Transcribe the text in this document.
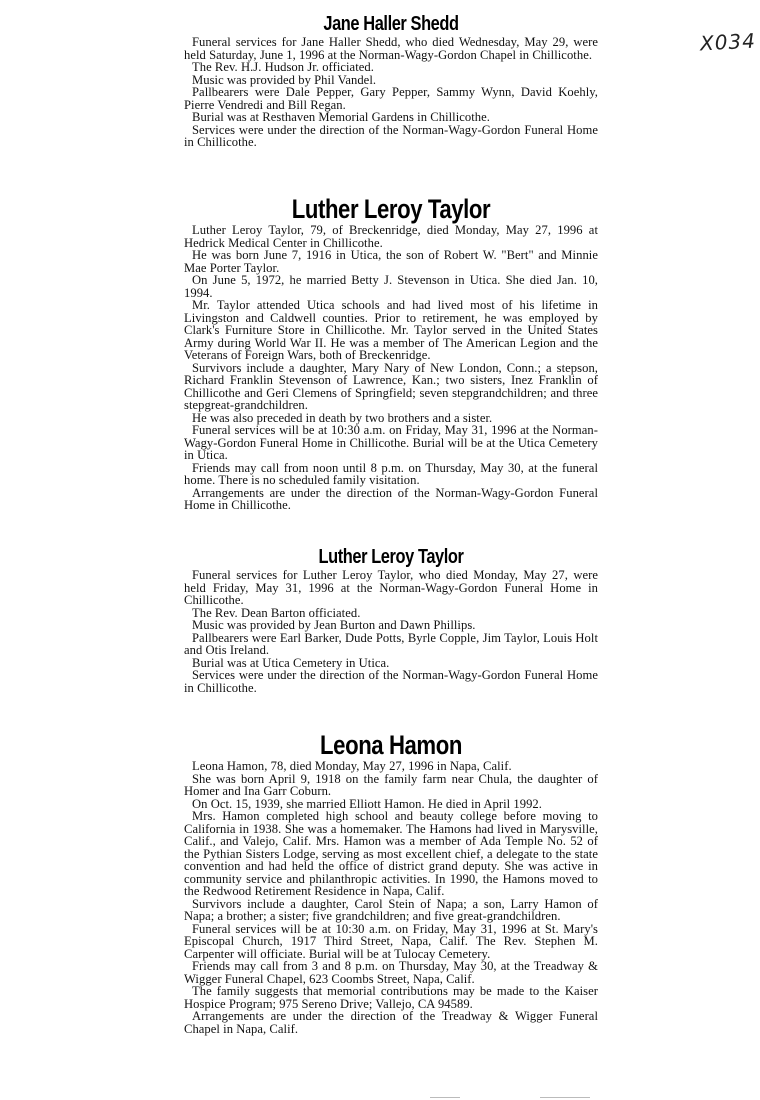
X034
Jane Haller Shedd

Funeral services for Jane Haller Shedd, who died Wednesday, May 29, were held Saturday, June 1, 1996 at the Norman-Wagy-Gordon Chapel in Chillicothe.

The Rev. H.J. Hudson Jr. officiated.

Music was provided by Phil Vandel.

Pallbearers were Dale Pepper, Gary Pepper, Sammy Wynn, David Koehly, Pierre Vendredi and Bill Regan.

Burial was at Resthaven Memorial Gardens in Chillicothe.

Services were under the direction of the Norman-Wagy-Gordon Funeral Home in Chillicothe.

Luther Leroy Taylor

Luther Leroy Taylor, 79, of Breckenridge, died Monday, May 27, 1996 at Hedrick Medical Center in Chillicothe.

He was born June 7, 1916 in Utica, the son of Robert W. "Bert" and Minnie Mae Porter Taylor.

On June 5, 1972, he married Betty J. Stevenson in Utica. She died Jan. 10, 1994.

Mr. Taylor attended Utica schools and had lived most of his lifetime in Livingston and Caldwell counties. Prior to retirement, he was employed by Clark's Furniture Store in Chillicothe. Mr. Taylor served in the United States Army during World War II. He was a member of The American Legion and the Veterans of Foreign Wars, both of Breckenridge.

Survivors include a daughter, Mary Nary of New London, Conn.; a stepson, Richard Franklin Stevenson of Lawrence, Kan.; two sisters, Inez Franklin of Chillicothe and Geri Clemens of Springfield; seven stepgrandchildren; and three stepgreat-grandchildren.

He was also preceded in death by two brothers and a sister.

Funeral services will be at 10:30 a.m. on Friday, May 31, 1996 at the Norman-Wagy-Gordon Funeral Home in Chillicothe. Burial will be at the Utica Cemetery in Utica.

Friends may call from noon until 8 p.m. on Thursday, May 30, at the funeral home. There is no scheduled family visitation.

Arrangements are under the direction of the Norman-Wagy-Gordon Funeral Home in Chillicothe.

Luther Leroy Taylor

Funeral services for Luther Leroy Taylor, who died Monday, May 27, were held Friday, May 31, 1996 at the Norman-Wagy-Gordon Funeral Home in Chillicothe.

The Rev. Dean Barton officiated.

Music was provided by Jean Burton and Dawn Phillips.

Pallbearers were Earl Barker, Dude Potts, Byrle Copple, Jim Taylor, Louis Holt and Otis Ireland.

Burial was at Utica Cemetery in Utica.

Services were under the direction of the Norman-Wagy-Gordon Funeral Home in Chillicothe.

Leona Hamon

Leona Hamon, 78, died Monday, May 27, 1996 in Napa, Calif.

She was born April 9, 1918 on the family farm near Chula, the daughter of Homer and Ina Garr Coburn.

On Oct. 15, 1939, she married Elliott Hamon. He died in April 1992.

Mrs. Hamon completed high school and beauty college before moving to California in 1938. She was a homemaker. The Hamons had lived in Marysville, Calif., and Valejo, Calif. Mrs. Hamon was a member of Ada Temple No. 52 of the Pythian Sisters Lodge, serving as most excellent chief, a delegate to the state convention and had held the office of district grand deputy. She was active in community service and philanthropic activities. In 1990, the Hamons moved to the Redwood Retirement Residence in Napa, Calif.

Survivors include a daughter, Carol Stein of Napa; a son, Larry Hamon of Napa; a brother; a sister; five grandchildren; and five great-grandchildren.

Funeral services will be at 10:30 a.m. on Friday, May 31, 1996 at St. Mary's Episcopal Church, 1917 Third Street, Napa, Calif. The Rev. Stephen M. Carpenter will officiate. Burial will be at Tulocay Cemetery.

Friends may call from 3 and 8 p.m. on Thursday, May 30, at the Treadway & Wigger Funeral Chapel, 623 Coombs Street, Napa, Calif.

The family suggests that memorial contributions may be made to the Kaiser Hospice Program; 975 Sereno Drive; Vallejo, CA 94589.

Arrangements are under the direction of the Treadway & Wigger Funeral Chapel in Napa, Calif.
